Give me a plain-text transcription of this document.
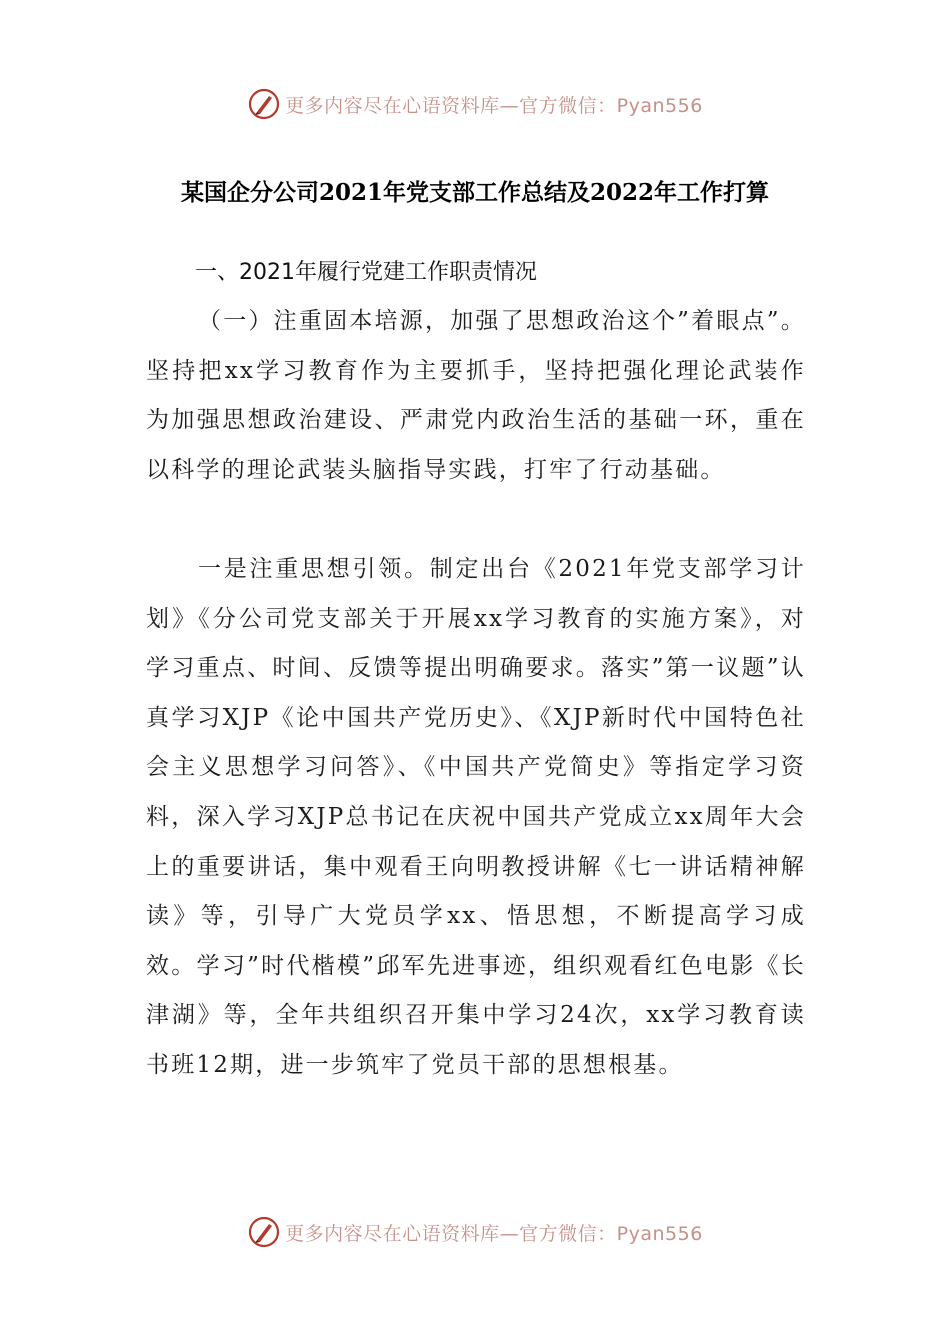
更多内容尽在心语资料库—官方微信：Pyan556
某国企分公司2021年党支部工作总结及2022年工作打算
一、2021年履行党建工作职责情况

（一）注重固本培源，加强了思想政治这个”着眼点”。坚持把xx学习教育作为主要抓手，坚持把强化理论武装作为加强思想政治建设、严肃党内政治生活的基础一环，重在以科学的理论武装头脑指导实践，打牢了行动基础。

一是注重思想引领。制定出台《2021年党支部学习计划》《分公司党支部关于开展xx学习教育的实施方案》，对学习重点、时间、反馈等提出明确要求。落实”第一议题”认真学习XJP《论中国共产党历史》、《XJP新时代中国特色社会主义思想学习问答》、《中国共产党简史》等指定学习资料，深入学习XJP总书记在庆祝中国共产党成立xx周年大会上的重要讲话，集中观看王向明教授讲解《七一讲话精神解读》等，引导广大党员学xx、悟思想，不断提高学习成效。学习”时代楷模”邱军先进事迹，组织观看红色电影《长津湖》等，全年共组织召开集中学习24次，xx学习教育读书班12期，进一步筑牢了党员干部的思想根基。

更多内容尽在心语资料库—官方微信：Pyan556
